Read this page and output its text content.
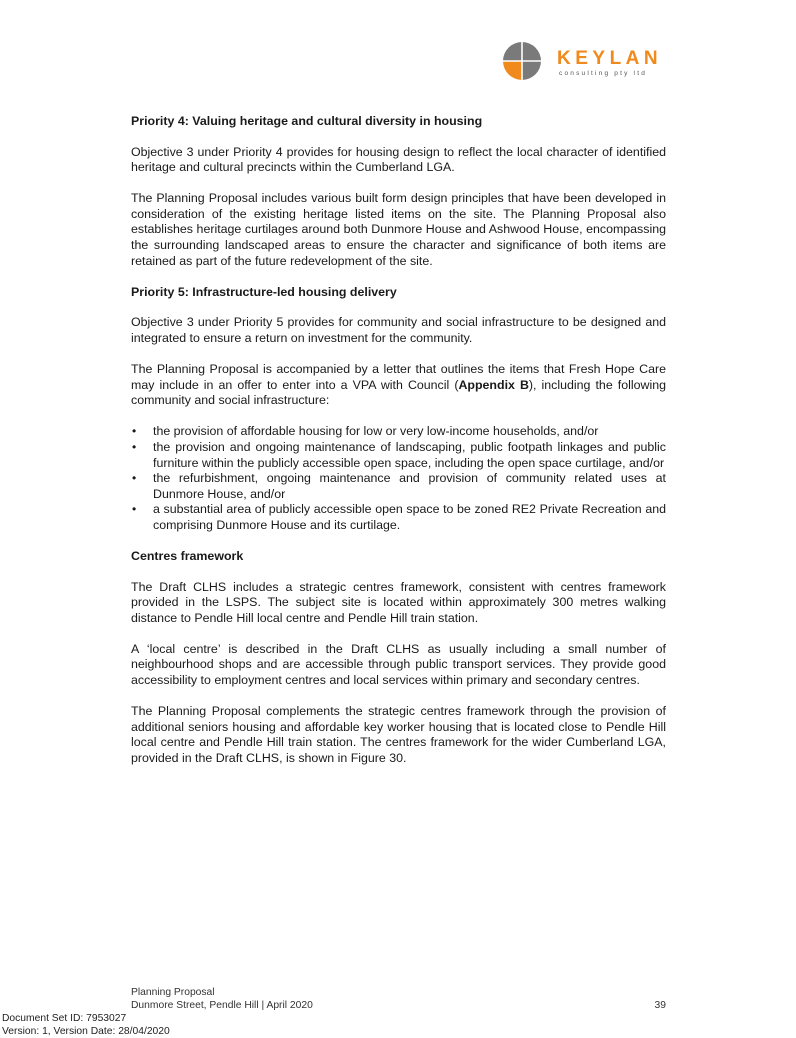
KEYLAN
consulting pty ltd
Priority 4: Valuing heritage and cultural diversity in housing

Objective 3 under Priority 4 provides for housing design to reflect the local character of identified heritage and cultural precincts within the Cumberland LGA.

The Planning Proposal includes various built form design principles that have been developed in consideration of the existing heritage listed items on the site. The Planning Proposal also establishes heritage curtilages around both Dunmore House and Ashwood House, encompassing the surrounding landscaped areas to ensure the character and significance of both items are retained as part of the future redevelopment of the site.

Priority 5: Infrastructure-led housing delivery

Objective 3 under Priority 5 provides for community and social infrastructure to be designed and integrated to ensure a return on investment for the community.

The Planning Proposal is accompanied by a letter that outlines the items that Fresh Hope Care may include in an offer to enter into a VPA with Council (Appendix B), including the following community and social infrastructure:

• the provision of affordable housing for low or very low-income households, and/or
• the provision and ongoing maintenance of landscaping, public footpath linkages and public furniture within the publicly accessible open space, including the open space curtilage, and/or
• the refurbishment, ongoing maintenance and provision of community related uses at Dunmore House, and/or
• a substantial area of publicly accessible open space to be zoned RE2 Private Recreation and comprising Dunmore House and its curtilage.
Centres framework

The Draft CLHS includes a strategic centres framework, consistent with centres framework provided in the LSPS. The subject site is located within approximately 300 metres walking distance to Pendle Hill local centre and Pendle Hill train station.

A ‘local centre’ is described in the Draft CLHS as usually including a small number of neighbourhood shops and are accessible through public transport services. They provide good accessibility to employment centres and local services within primary and secondary centres.

The Planning Proposal complements the strategic centres framework through the provision of additional seniors housing and affordable key worker housing that is located close to Pendle Hill local centre and Pendle Hill train station. The centres framework for the wider Cumberland LGA, provided in the Draft CLHS, is shown in Figure 30.

Planning Proposal
Dunmore Street, Pendle Hill | April 2020	39
Document Set ID: 7953027
Version: 1, Version Date: 28/04/2020
